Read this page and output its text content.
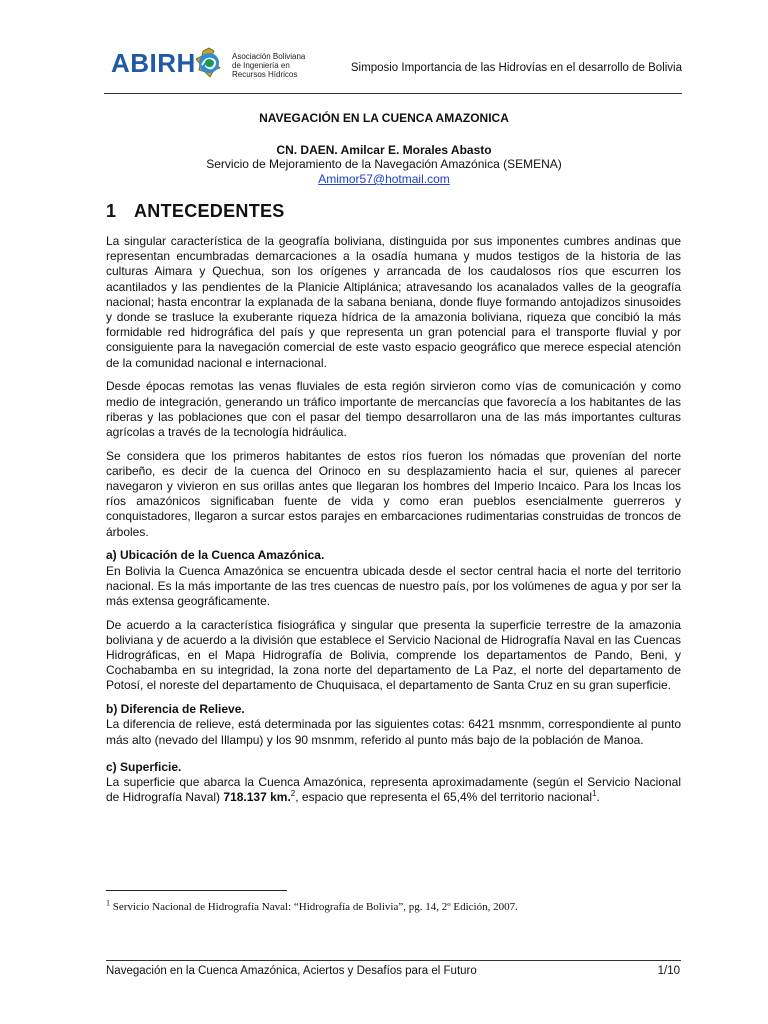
ABIRH	Asociación Boliviana
de Ingeniería en
Recursos Hídricos
Simposio Importancia de las Hidrovías en el desarrollo de Bolivia
NAVEGACIÓN EN LA CUENCA AMAZONICA
CN. DAEN. Amilcar E. Morales Abasto
Servicio de Mejoramiento de la Navegación Amazónica (SEMENA)
Amimor57@hotmail.com
1 ANTECEDENTES

La singular característica de la geografía boliviana, distinguida por sus imponentes cumbres andinas que representan encumbradas demarcaciones a la osadía humana y mudos testigos de la historia de las culturas Aimara y Quechua, son los orígenes y arrancada de los caudalosos ríos que escurren los acantilados y las pendientes de la Planicie Altiplánica; atravesando los acanalados valles de la geografía nacional; hasta encontrar la explanada de la sabana beniana, donde fluye formando antojadizos sinusoides y donde se trasluce la exuberante riqueza hídrica de la amazonia boliviana, riqueza que concibió la más formidable red hidrográfica del país y que representa un gran potencial para el transporte fluvial y por consiguiente para la navegación comercial de este vasto espacio geográfico que merece especial atención de la comunidad nacional e internacional.

Desde épocas remotas las venas fluviales de esta región sirvieron como vías de comunicación y como medio de integración, generando un tráfico importante de mercancías que favorecía a los habitantes de las riberas y las poblaciones que con el pasar del tiempo desarrollaron una de las más importantes culturas agrícolas a través de la tecnología hidráulica.

Se considera que los primeros habitantes de estos ríos fueron los nómadas que provenían del norte caribeño, es decir de la cuenca del Orinoco en su desplazamiento hacia el sur, quienes al parecer navegaron y vivieron en sus orillas antes que llegaran los hombres del Imperio Incaico. Para los Incas los ríos amazónicos significaban fuente de vida y como eran pueblos esencialmente guerreros y conquistadores, llegaron a surcar estos parajes en embarcaciones rudimentarias construidas de troncos de árboles.

a) Ubicación de la Cuenca Amazónica.

En Bolivia la Cuenca Amazónica se encuentra ubicada desde el sector central hacia el norte del territorio nacional. Es la más importante de las tres cuencas de nuestro país, por los volúmenes de agua y por ser la más extensa geográficamente.

De acuerdo a la característica fisiográfica y singular que presenta la superficie terrestre de la amazonia boliviana y de acuerdo a la división que establece el Servicio Nacional de Hidrografía Naval en las Cuencas Hidrográficas, en el Mapa Hidrografía de Bolivia, comprende los departamentos de Pando, Beni, y Cochabamba en su integridad, la zona norte del departamento de La Paz, el norte del departamento de Potosí, el noreste del departamento de Chuquisaca, el departamento de Santa Cruz en su gran superficie.

b) Diferencia de Relieve.

La diferencia de relieve, está determinada por las siguientes cotas: 6421 msnmm, correspondiente al punto más alto (nevado del Illampu) y los 90 msnmm, referido al punto más bajo de la población de Manoa.

c) Superficie.

La superficie que abarca la Cuenca Amazónica, representa aproximadamente (según el Servicio Nacional de Hidrografía Naval) 718.137 km.$^2$, espacio que representa el 65,4% del territorio nacional$^1$.

$^1$ Servicio Nacional de Hidrografía Naval: “Hidrografía de Bolivia”, pg. 14, 2º Edición, 2007.
Navegación en la Cuenca Amazónica, Aciertos y Desafíos para el Futuro	1/10
